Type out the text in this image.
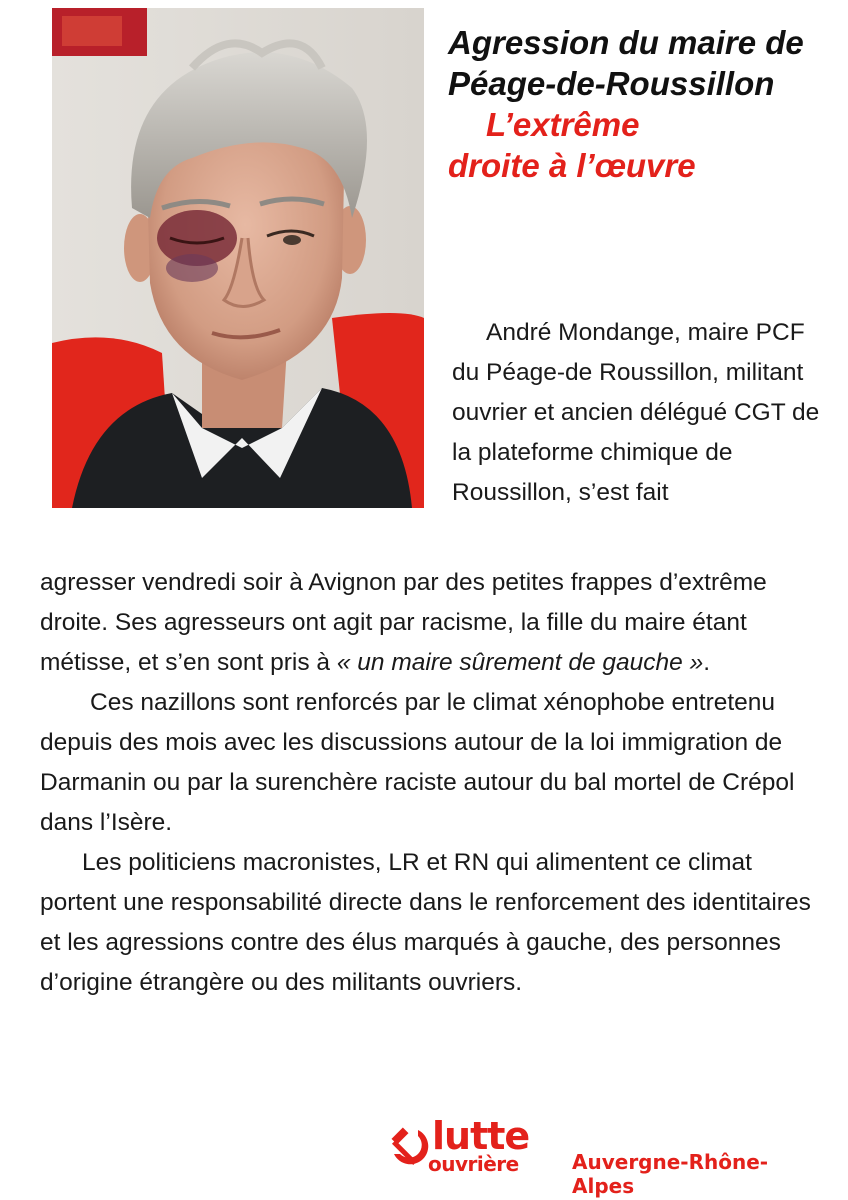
Agression du maire de Péage-de-Roussillon
L’extrême
droite à l’œuvre

André Mondange, maire PCF du Péage-de Roussillon, militant ouvrier et ancien délégué CGT de la plateforme chimique de Roussillon, s’est fait

agresser vendredi soir à Avignon par des petites frappes d’extrême droite. Ses agresseurs ont agit par racisme, la fille du maire étant métisse, et s’en sont pris à « un maire sûrement de gauche ».

Ces nazillons sont renforcés par le climat xénophobe entretenu depuis des mois avec les discussions autour de la loi immigration de Darmanin ou par la surenchère raciste autour du bal mortel de Crépol dans l’Isère.

Les politiciens macronistes, LR et RN qui alimentent ce climat portent une responsabilité directe dans le renforcement des identitaires et les agressions contre des élus marqués à gauche, des personnes d’origine étrangère ou des militants ouvriers.

lutte
ouvrière	Auvergne-Rhône-Alpes
